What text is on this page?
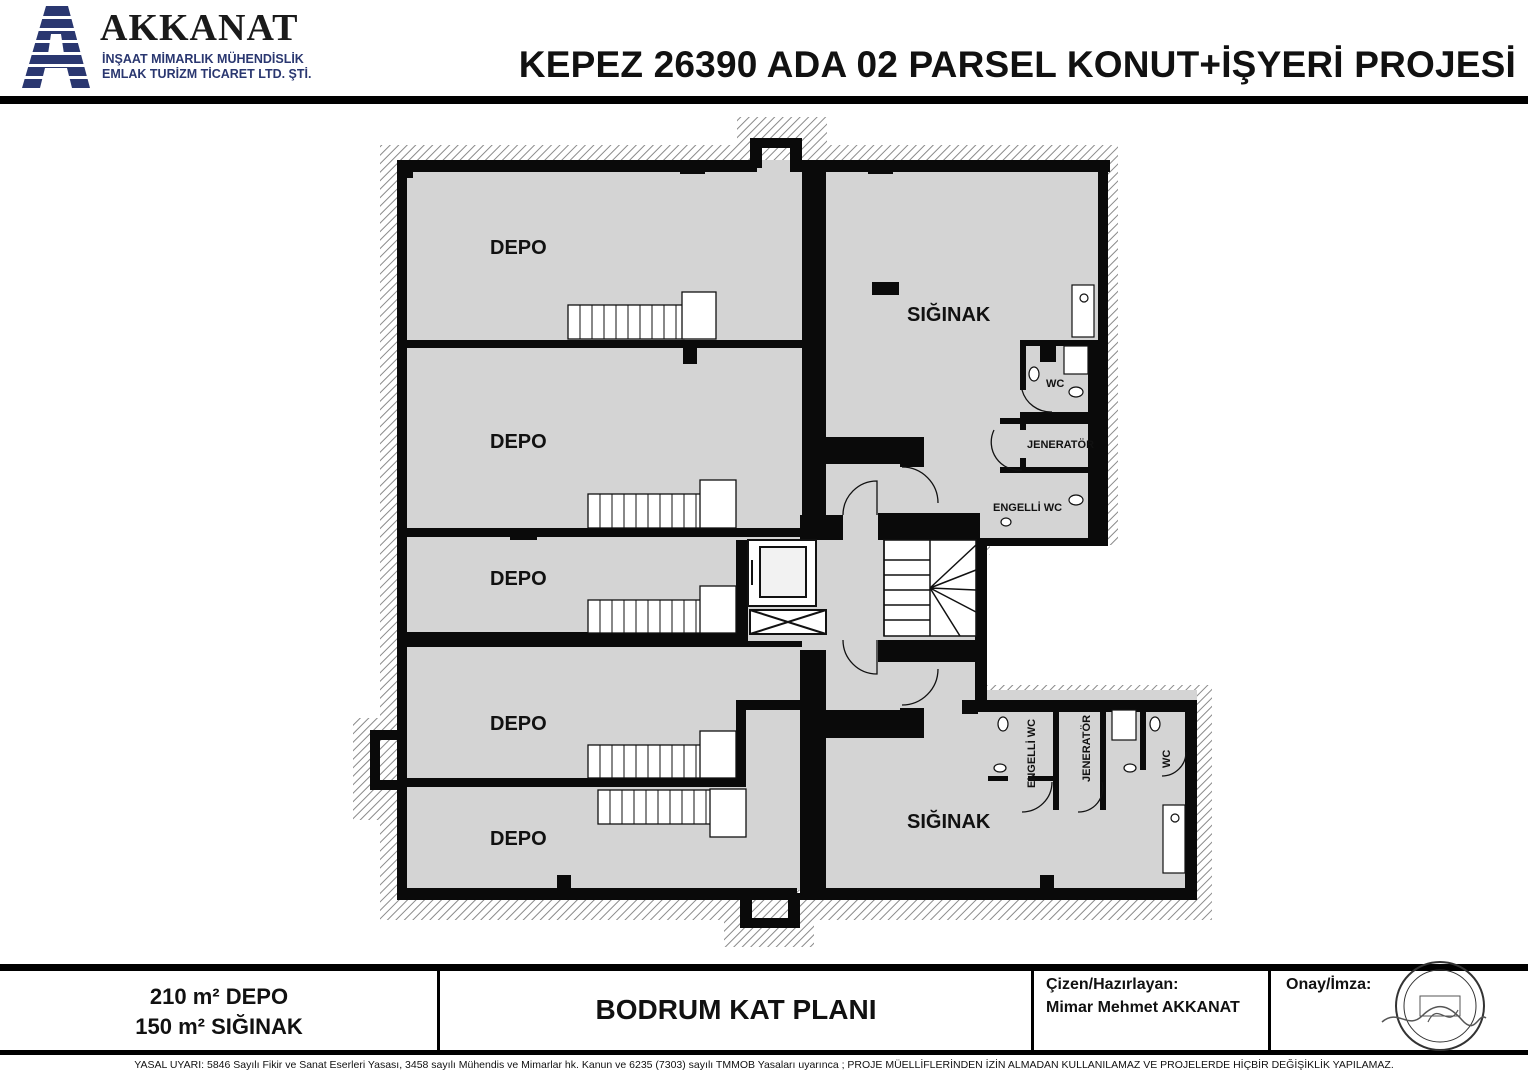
AKKANAT
İNŞAAT MİMARLIK MÜHENDİSLİK
EMLAK TURİZM TİCARET LTD. ŞTİ.	KEPEZ 26390 ADA 02 PARSEL KONUT+İŞYERİ PROJESİ
DEPO
DEPO
DEPO
DEPO
DEPO
SIĞINAK
SIĞINAK
WC
JENERATÖR
ENGELLİ WC
ENGELLİ WC	JENERATÖR	WC
210 m² DEPO
150 m² SIĞINAK
BODRUM KAT PLANI
Çizen/Hazırlayan:
Mimar Mehmet AKKANAT
Onay/İmza:
YASAL UYARI: 5846 Sayılı Fikir ve Sanat Eserleri Yasası, 3458 sayılı Mühendis ve Mimarlar hk. Kanun ve 6235 (7303) sayılı TMMOB Yasaları uyarınca ; PROJE MÜELLİFLERİNDEN İZİN ALMADAN KULLANILAMAZ VE PROJELERDE HİÇBİR DEĞİŞİKLİK YAPILAMAZ.
